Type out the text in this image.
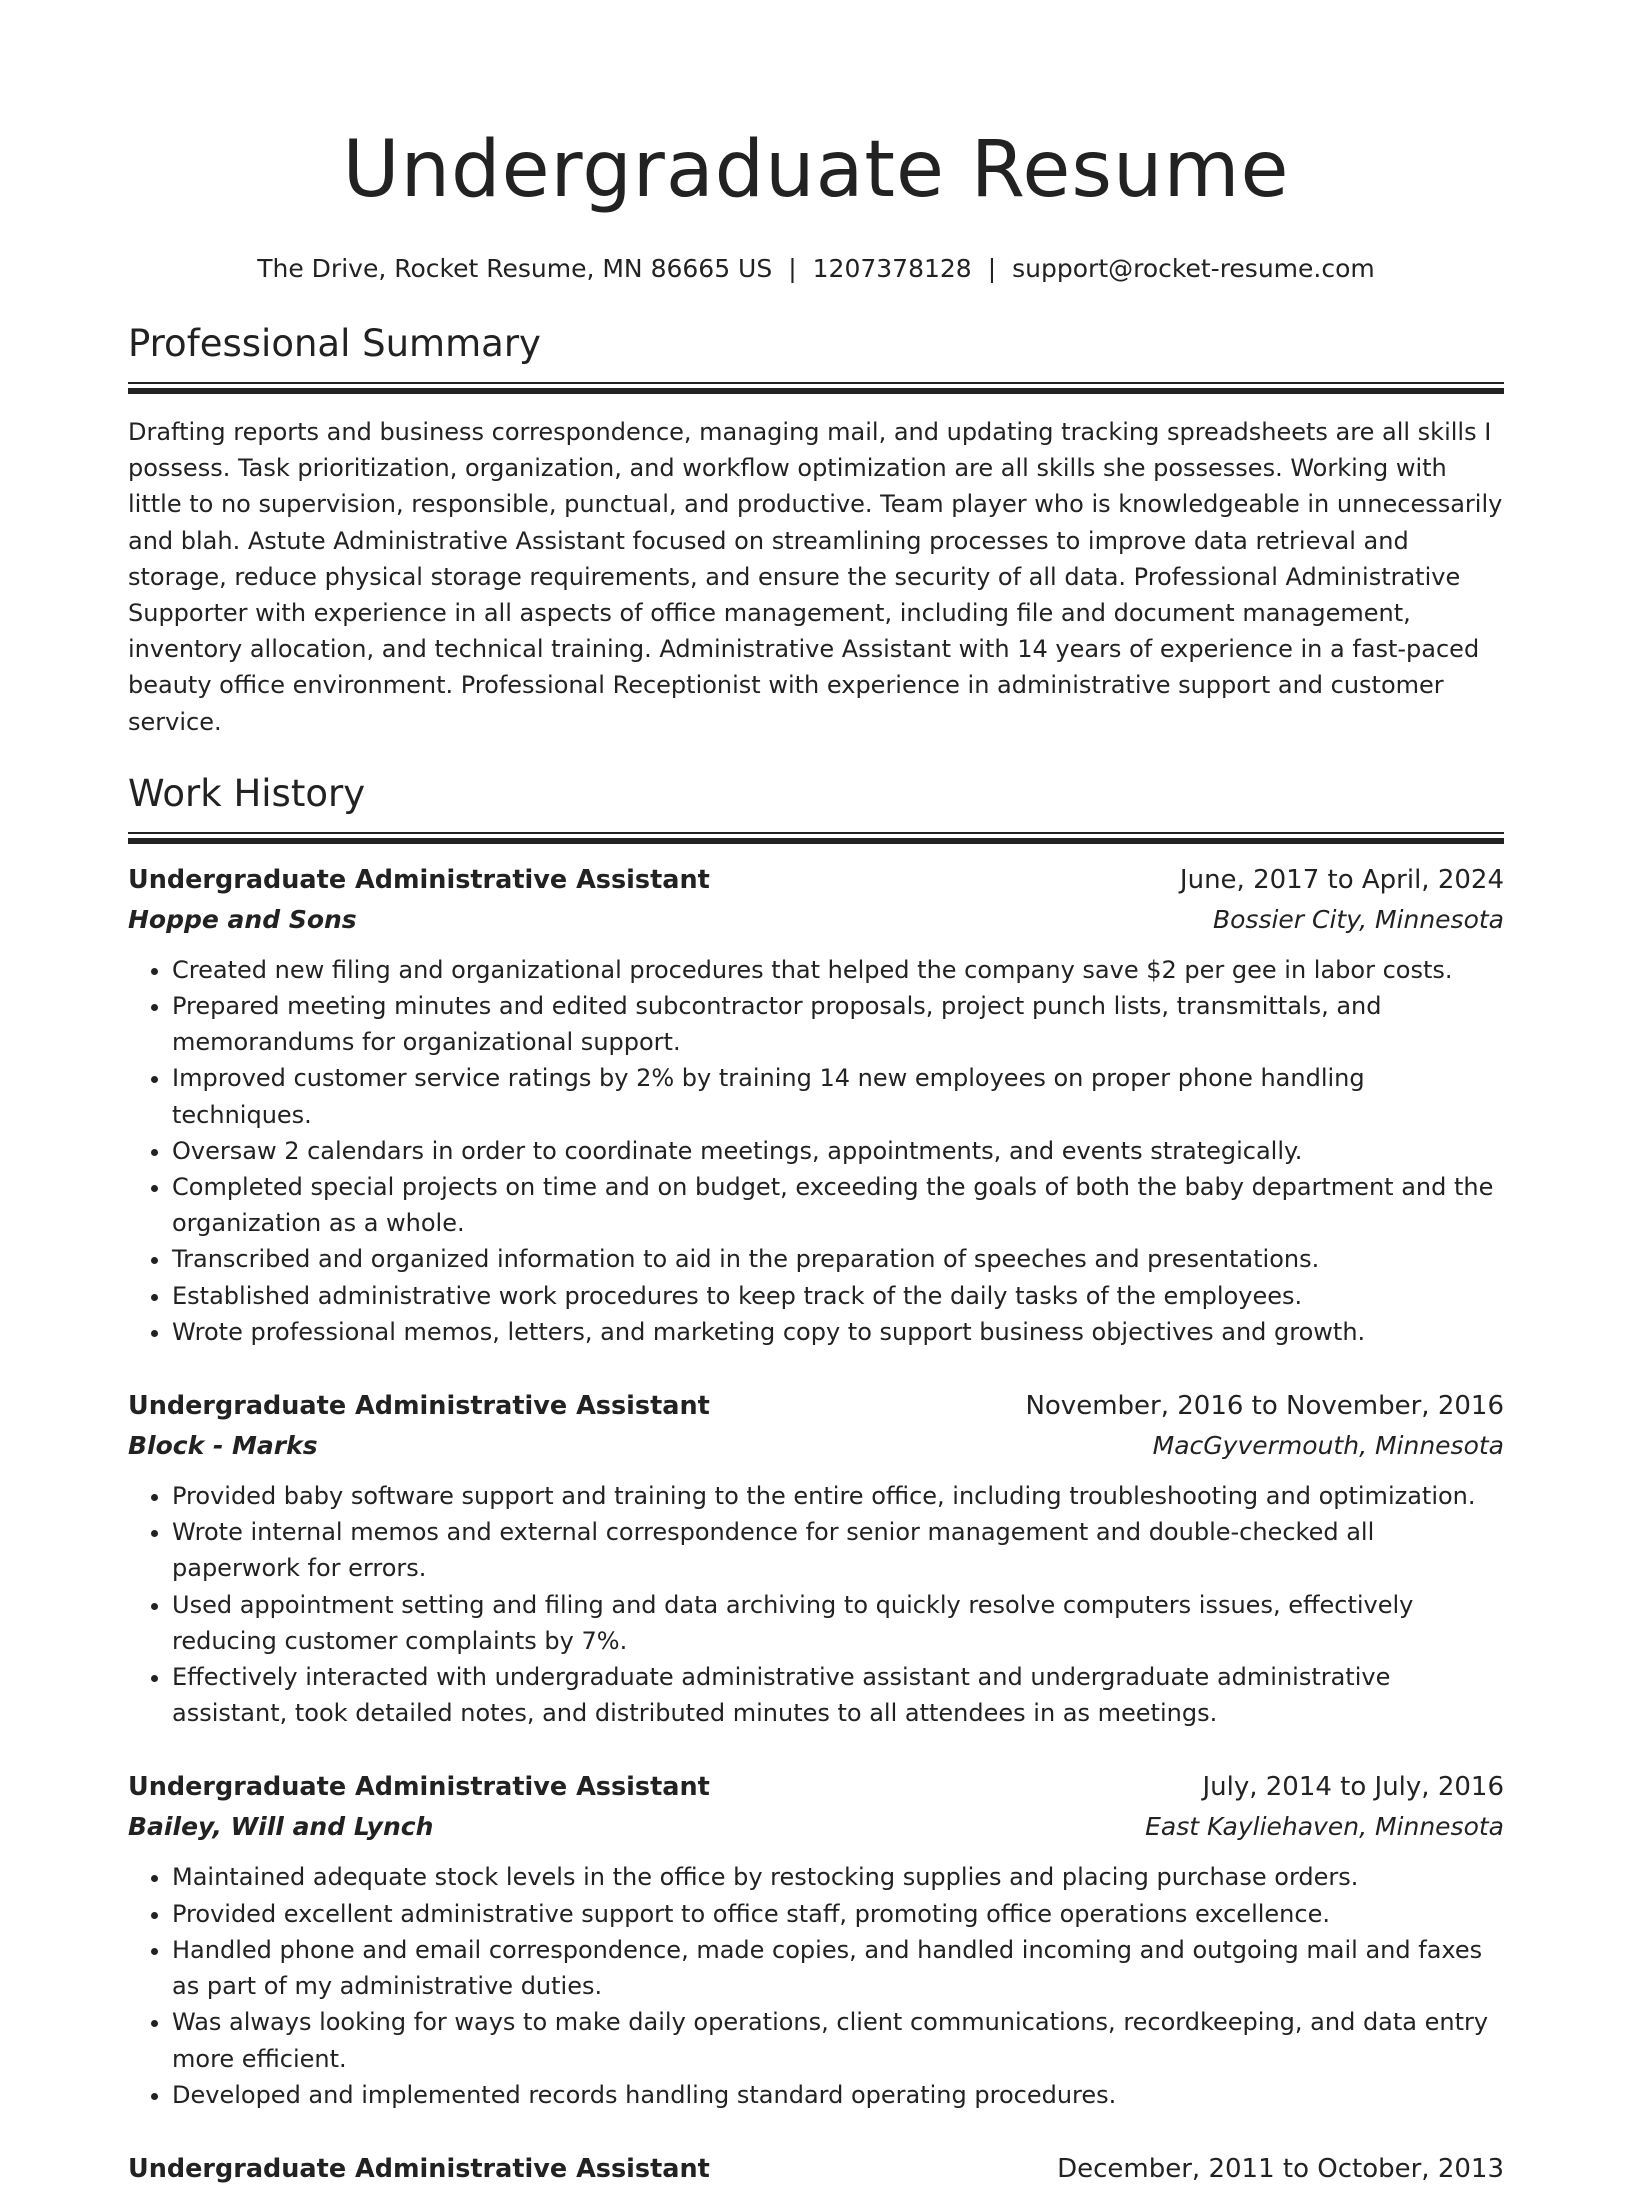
Undergraduate Resume
The Drive, Rocket Resume, MN 86665 US | 1207378128 | support@rocket-resume.com
Professional Summary

Drafting reports and business correspondence, managing mail, and updating tracking spreadsheets are all skills I possess. Task prioritization, organization, and workflow optimization are all skills she possesses. Working with little to no supervision, responsible, punctual, and productive. Team player who is knowledgeable in unnecessarily and blah. Astute Administrative Assistant focused on streamlining processes to improve data retrieval and storage, reduce physical storage requirements, and ensure the security of all data. Professional Administrative Supporter with experience in all aspects of office management, including file and document management, inventory allocation, and technical training. Administrative Assistant with 14 years of experience in a fast-paced beauty office environment. Professional Receptionist with experience in administrative support and customer service.

Work History
Undergraduate Administrative Assistant	June, 2017 to April, 2024
Hoppe and Sons	Bossier City, Minnesota
• Created new filing and organizational procedures that helped the company save $2 per gee in labor costs.
• Prepared meeting minutes and edited subcontractor proposals, project punch lists, transmittals, and memorandums for organizational support.
• Improved customer service ratings by 2% by training 14 new employees on proper phone handling techniques.
• Oversaw 2 calendars in order to coordinate meetings, appointments, and events strategically.
• Completed special projects on time and on budget, exceeding the goals of both the baby department and the organization as a whole.
• Transcribed and organized information to aid in the preparation of speeches and presentations.
• Established administrative work procedures to keep track of the daily tasks of the employees.
• Wrote professional memos, letters, and marketing copy to support business objectives and growth.
Undergraduate Administrative Assistant	November, 2016 to November, 2016
Block - Marks	MacGyvermouth, Minnesota
• Provided baby software support and training to the entire office, including troubleshooting and optimization.
• Wrote internal memos and external correspondence for senior management and double-checked all paperwork for errors.
• Used appointment setting and filing and data archiving to quickly resolve computers issues, effectively reducing customer complaints by 7%.
• Effectively interacted with undergraduate administrative assistant and undergraduate administrative assistant, took detailed notes, and distributed minutes to all attendees in as meetings.
Undergraduate Administrative Assistant	July, 2014 to July, 2016
Bailey, Will and Lynch	East Kayliehaven, Minnesota
• Maintained adequate stock levels in the office by restocking supplies and placing purchase orders.
• Provided excellent administrative support to office staff, promoting office operations excellence.
• Handled phone and email correspondence, made copies, and handled incoming and outgoing mail and faxes as part of my administrative duties.
• Was always looking for ways to make daily operations, client communications, recordkeeping, and data entry more efficient.
• Developed and implemented records handling standard operating procedures.
Undergraduate Administrative Assistant	December, 2011 to October, 2013
